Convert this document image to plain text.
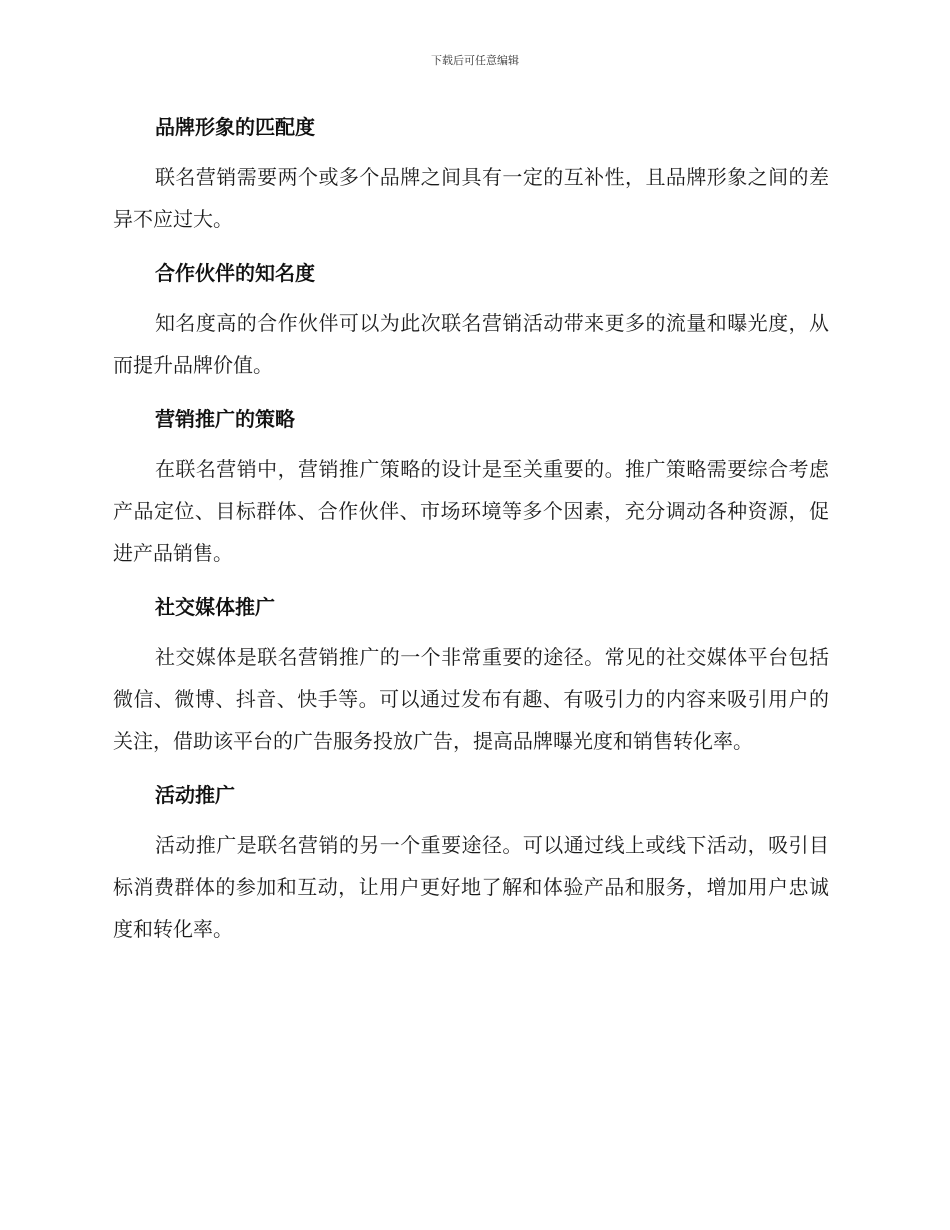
下载后可任意编辑
品牌形象的匹配度

联名营销需要两个或多个品牌之间具有一定的互补性，且品牌形象之间的差异不应过大。

合作伙伴的知名度

知名度高的合作伙伴可以为此次联名营销活动带来更多的流量和曝光度，从而提升品牌价值。

营销推广的策略

在联名营销中，营销推广策略的设计是至关重要的。推广策略需要综合考虑产品定位、目标群体、合作伙伴、市场环境等多个因素，充分调动各种资源，促进产品销售。

社交媒体推广

社交媒体是联名营销推广的一个非常重要的途径。常见的社交媒体平台包括微信、微博、抖音、快手等。可以通过发布有趣、有吸引力的内容来吸引用户的关注，借助该平台的广告服务投放广告，提高品牌曝光度和销售转化率。

活动推广

活动推广是联名营销的另一个重要途径。可以通过线上或线下活动，吸引目标消费群体的参加和互动，让用户更好地了解和体验产品和服务，增加用户忠诚度和转化率。
